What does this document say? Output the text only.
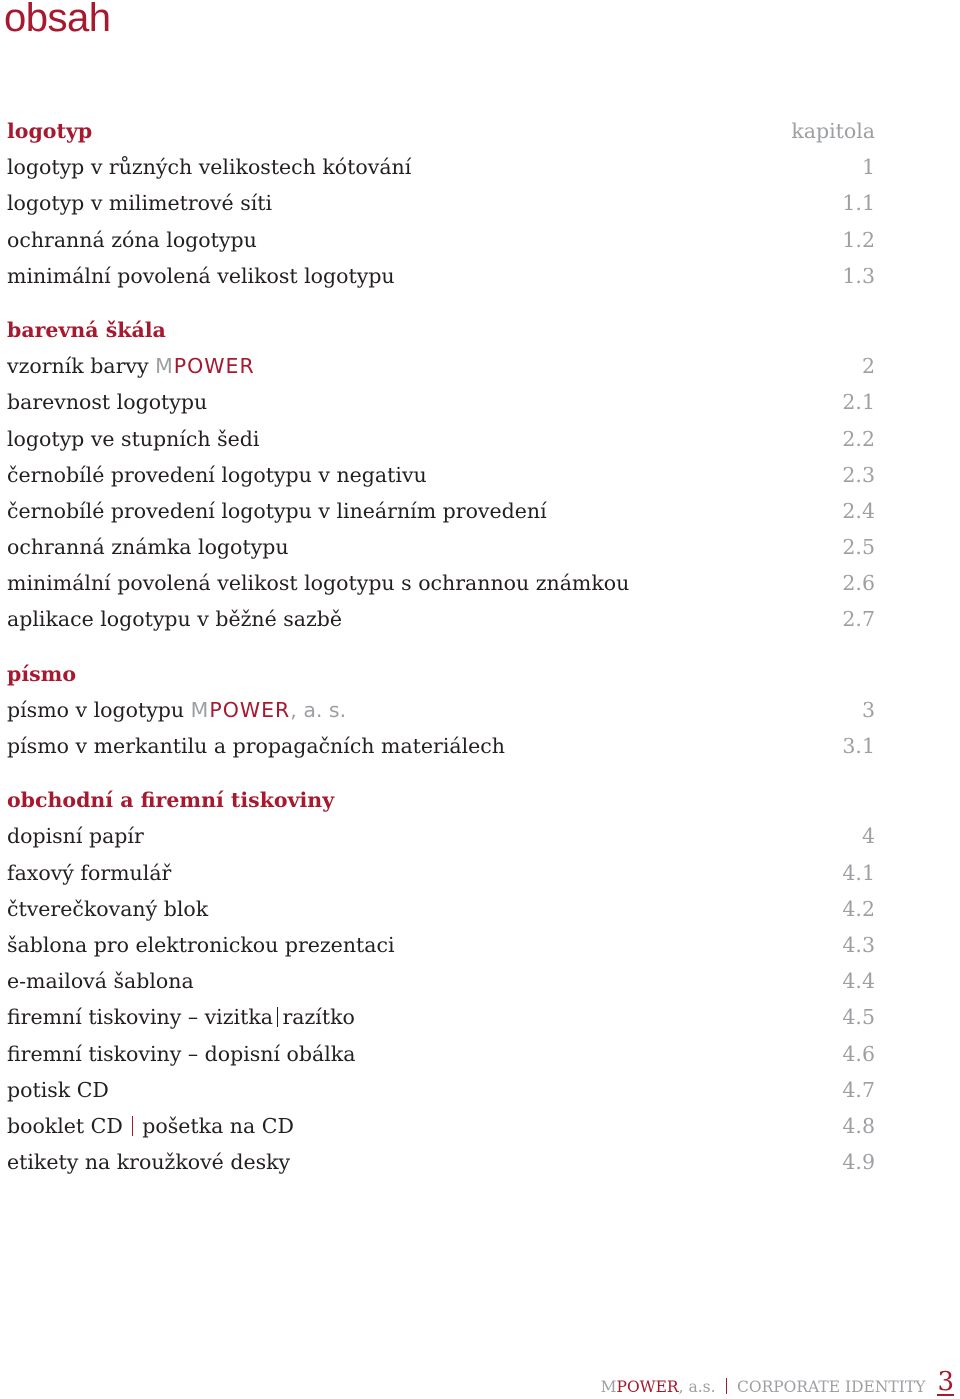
obsah
logotyp	kapitola
logotyp v různých velikostech kótování	1
logotyp v milimetrové síti	1.1
ochranná zóna logotypu	1.2
minimální povolená velikost logotypu	1.3
barevná škála
vzorník barvy MPOWER	2
barevnost logotypu	2.1
logotyp ve stupních šedi	2.2
černobílé provedení logotypu v negativu	2.3
černobílé provedení logotypu v lineárním provedení	2.4
ochranná známka logotypu	2.5
minimální povolená velikost logotypu s ochrannou známkou	2.6
aplikace logotypu v běžné sazbě	2.7
písmo
písmo v logotypu MPOWER, a. s.	3
písmo v merkantilu a propagačních materiálech	3.1
obchodní a firemní tiskoviny
dopisní papír	4
faxový formulář	4.1
čtverečkovaný blok	4.2
šablona pro elektronickou prezentaci	4.3
e-mailová šablona	4.4
firemní tiskoviny – vizitka razítko	4.5
firemní tiskoviny – dopisní obálka	4.6
potisk CD	4.7
booklet CD pošetka na CD	4.8
etikety na kroužkové desky	4.9
MPOWER, a.s. CORPORATE IDENTITY 3
